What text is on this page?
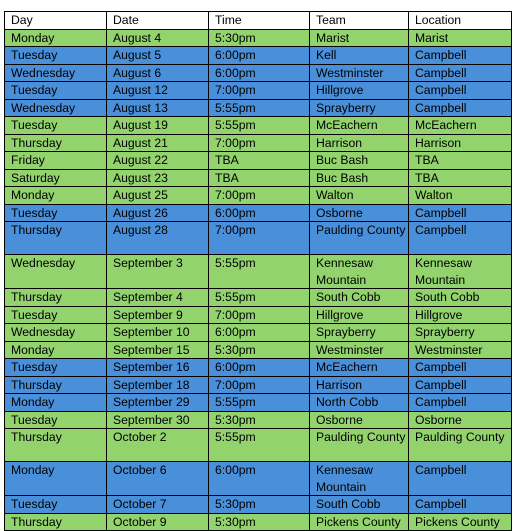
Day	Date	Time	Team	Location
Monday	August 4	5:30pm	Marist	Marist
Tuesday	August 5	6:00pm	Kell	Campbell
Wednesday	August 6	6:00pm	Westminster	Campbell
Tuesday	August 12	7:00pm	Hillgrove	Campbell
Wednesday	August 13	5:55pm	Sprayberry	Campbell
Tuesday	August 19	5:55pm	McEachern	McEachern
Thursday	August 21	7:00pm	Harrison	Harrison
Friday	August 22	TBA	Buc Bash	TBA
Saturday	August 23	TBA	Buc Bash	TBA
Monday	August 25	7:00pm	Walton	Walton
Tuesday	August 26	6:00pm	Osborne	Campbell
Thursday	August 28	7:00pm	Paulding County	Campbell
Wednesday	September 3	5:55pm	Kennesaw Mountain	Kennesaw Mountain
Thursday	September 4	5:55pm	South Cobb	South Cobb
Tuesday	September 9	7:00pm	Hillgrove	Hillgrove
Wednesday	September 10	6:00pm	Sprayberry	Sprayberry
Monday	September 15	5:30pm	Westminster	Westminster
Tuesday	September 16	6:00pm	McEachern	Campbell
Thursday	September 18	7:00pm	Harrison	Campbell
Monday	September 29	5:55pm	North Cobb	Campbell
Tuesday	September 30	5:30pm	Osborne	Osborne
Thursday	October 2	5:55pm	Paulding County	Paulding County
Monday	October 6	6:00pm	Kennesaw Mountain	Campbell
Tuesday	October 7	5:30pm	South Cobb	Campbell
Thursday	October 9	5:30pm	Pickens County	Pickens County
